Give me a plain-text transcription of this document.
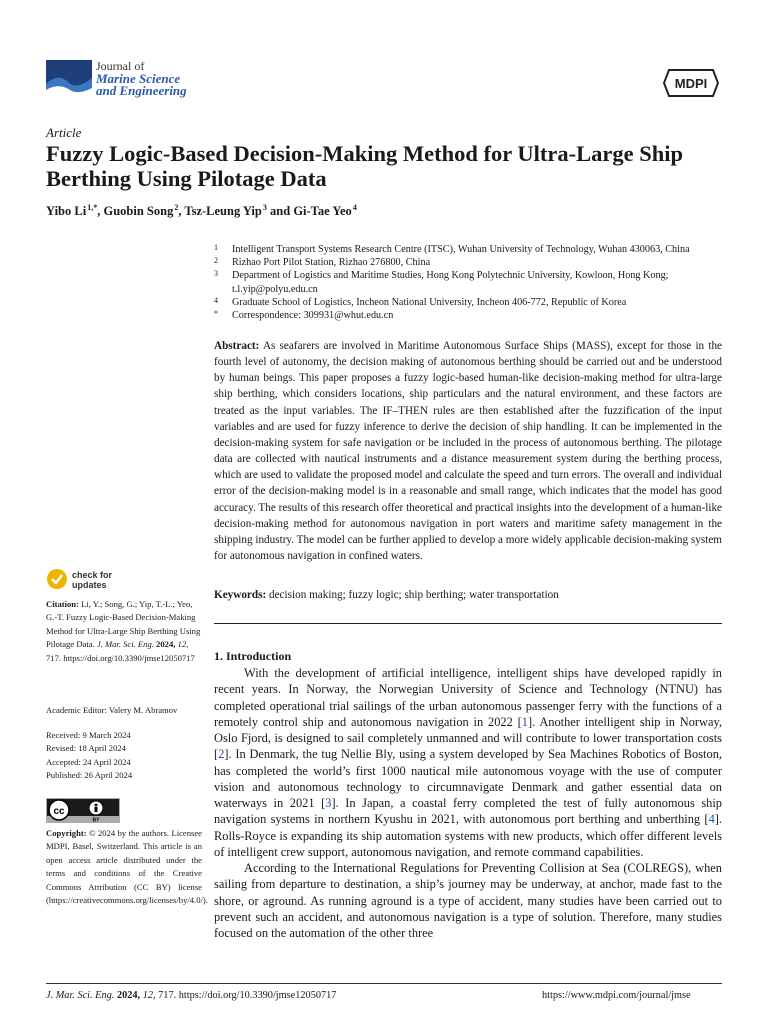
Journal of
Marine Science
and Engineering	MDPI
Article
Fuzzy Logic-Based Decision-Making Method for Ultra-Large Ship Berthing Using Pilotage Data
Yibo Li $^{1,*}$, Guobin Song $^2$, Tsz-Leung Yip $^3$ and Gi-Tae Yeo $^4$
1	Intelligent Transport Systems Research Centre (ITSC), Wuhan University of Technology, Wuhan 430063, China
2	Rizhao Port Pilot Station, Rizhao 276800, China
3	Department of Logistics and Maritime Studies, Hong Kong Polytechnic University, Kowloon, Hong Kong; t.l.yip@polyu.edu.cn
4	Graduate School of Logistics, Incheon National University, Incheon 406-772, Republic of Korea
*	Correspondence: 309931@whut.edu.cn
Abstract: As seafarers are involved in Maritime Autonomous Surface Ships (MASS), except for those in the fourth level of autonomy, the decision making of autonomous berthing should be carried out and be understood by human beings. This paper proposes a fuzzy logic-based human-like decision-making method for ultra-large ship berthing, which considers locations, ship particulars and the natural environment, and these factors are treated as the input variables. The IF–THEN rules are then established after the fuzzification of the input variables and are used for fuzzy inference to derive the decision of ship handling. It can be implemented in the decision-making system for safe navigation or be included in the process of autonomous berthing. The pilotage data are collected with nautical instruments and a distance measurement system during the berthing process, which are used to validate the proposed model and calculate the speed and turn errors. The overall and individual error of the decision-making model is in a reasonable and small range, which indicates that the model has good accuracy. The results of this research offer theoretical and practical insights into the development of a human-like decision-making method for autonomous navigation in port waters and maritime safety management in the shipping industry. The model can be further applied to develop a more widely applicable decision-making system for autonomous navigation in confined waters.
Keywords: decision making; fuzzy logic; ship berthing; water transportation
check for
updates
Citation: Li, Y.; Song, G.; Yip, T.-L.; Yeo, G.-T. Fuzzy Logic-Based Decision-Making Method for Ultra-Large Ship Berthing Using Pilotage Data. J. Mar. Sci. Eng. 2024, 12, 717. https://doi.org/10.3390/jmse12050717
Academic Editor: Valery M. Abramov
Received: 9 March 2024
Revised: 18 April 2024
Accepted: 24 April 2024
Published: 26 April 2024
cc
BY
Copyright: © 2024 by the authors. Licensee MDPI, Basel, Switzerland. This article is an open access article distributed under the terms and conditions of the Creative Commons Attribution (CC BY) license (https://creativecommons.org/licenses/by/4.0/).
1. Introduction

With the development of artificial intelligence, intelligent ships have developed rapidly in recent years. In Norway, the Norwegian University of Science and Technology (NTNU) has completed operational trial sailings of the urban autonomous passenger ferry with the functions of a remotely control ship and autonomous navigation in 2022 [1]. Another intelligent ship in Norway, Oslo Fjord, is designed to sail completely unmanned and will contribute to lower transportation costs [2]. In Denmark, the tug Nellie Bly, using a system developed by Sea Machines Robotics of Boston, has completed the world’s first 1000 nautical mile autonomous voyage with the use of computer vision and autonomous technology to circumnavigate Denmark and gather essential data on waterways in 2021 [3]. In Japan, a coastal ferry completed the test of fully autonomous ship navigation systems in northern Kyushu in 2021, with autonomous port berthing and unberthing [4]. Rolls-Royce is expanding its ship automation systems with new products, which offer different levels of intelligent crew support, autonomous navigation, and remote command capabilities.

According to the International Regulations for Preventing Collision at Sea (COLREGS), when sailing from departure to destination, a ship’s journey may be underway, at anchor, made fast to the shore, or aground. As running aground is a type of accident, many studies have been carried out to prevent such an accident, and autonomous navigation is a type of solution. Therefore, many studies focused on the automation of the other three

J. Mar. Sci. Eng. 2024, 12, 717. https://doi.org/10.3390/jmse12050717	https://www.mdpi.com/journal/jmse
